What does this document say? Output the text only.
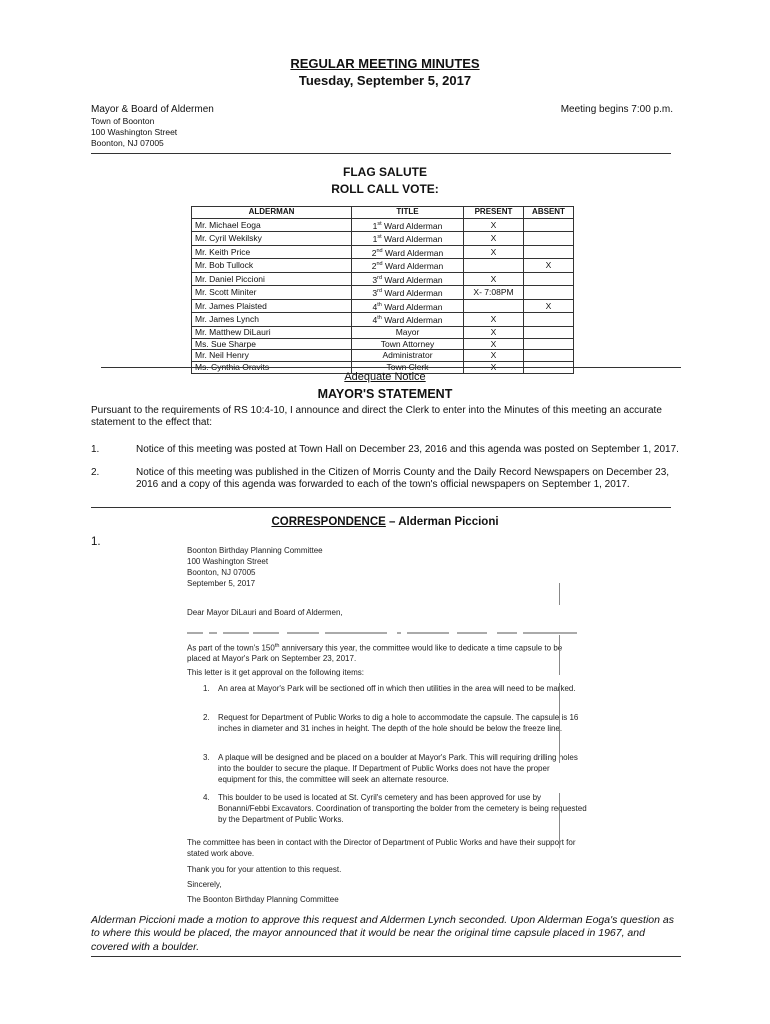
REGULAR MEETING MINUTES
Tuesday, September 5, 2017
Mayor & Board of Aldermen
Town of Boonton
100 Washington Street
Boonton, NJ 07005
Meeting begins 7:00 p.m.
FLAG SALUTE
ROLL CALL VOTE:
ALDERMAN	TITLE	PRESENT	ABSENT
Mr. Michael Eoga	1st Ward Alderman	X	
Mr. Cyril Wekilsky	1st Ward Alderman	X	
Mr. Keith Price	2nd Ward Alderman	X	
Mr. Bob Tullock	2nd Ward Alderman		X
Mr. Daniel Piccioni	3rd Ward Alderman	X	
Mr. Scott Miniter	3rd Ward Alderman	X- 7:08PM	
Mr. James Plaisted	4th Ward Alderman		X
Mr. James Lynch	4th Ward Alderman	X	
Mr. Matthew DiLauri	Mayor	X	
Ms. Sue Sharpe	Town Attorney	X	
Mr. Neil Henry	Administrator	X	
Ms. Cynthia Oravits	Town Clerk	X	
Adequate Notice
MAYOR'S STATEMENT
Pursuant to the requirements of RS 10:4-10, I announce and direct the Clerk to enter into the Minutes of this meeting an accurate statement to the effect that:
1.	Notice of this meeting was posted at Town Hall on December 23, 2016 and this agenda was posted on September 1, 2017.
2.	Notice of this meeting was published in the Citizen of Morris County and the Daily Record Newspapers on December 23, 2016 and a copy of this agenda was forwarded to each of the town's official newspapers on September 1, 2017.
CORRESPONDENCE – Alderman Piccioni
1.
Boonton Birthday Planning Committee
100 Washington Street
Boonton, NJ 07005
September 5, 2017
Dear Mayor DiLauri and Board of Aldermen,
As part of the town's 150th anniversary this year, the committee would like to dedicate a time capsule to be placed at Mayor's Park on September 23, 2017.
This letter is it get approval on the following items:
1. An area at Mayor's Park will be sectioned off in which then utilities in the area will need to be marked.
2. Request for Department of Public Works to dig a hole to accommodate the capsule. The capsule is 16 inches in diameter and 31 inches in height. The depth of the hole should be below the freeze line.
3. A plaque will be designed and be placed on a boulder at Mayor's Park. This will requiring drilling holes into the boulder to secure the plaque. If Department of Public Works does not have the proper equipment for this, the committee will seek an alternate resource.
4. This boulder to be used is located at St. Cyril's cemetery and has been approved for use by Bonanni/Febbi Excavators. Coordination of transporting the bolder from the cemetery is being requested by the Department of Public Works.
The committee has been in contact with the Director of Department of Public Works and have their support for stated work above.
Thank you for your attention to this request.
Sincerely,
The Boonton Birthday Planning Committee
Alderman Piccioni made a motion to approve this request and Aldermen Lynch seconded. Upon Alderman Eoga's question as to where this would be placed, the mayor announced that it would be near the original time capsule placed in 1967, and covered with a boulder.
